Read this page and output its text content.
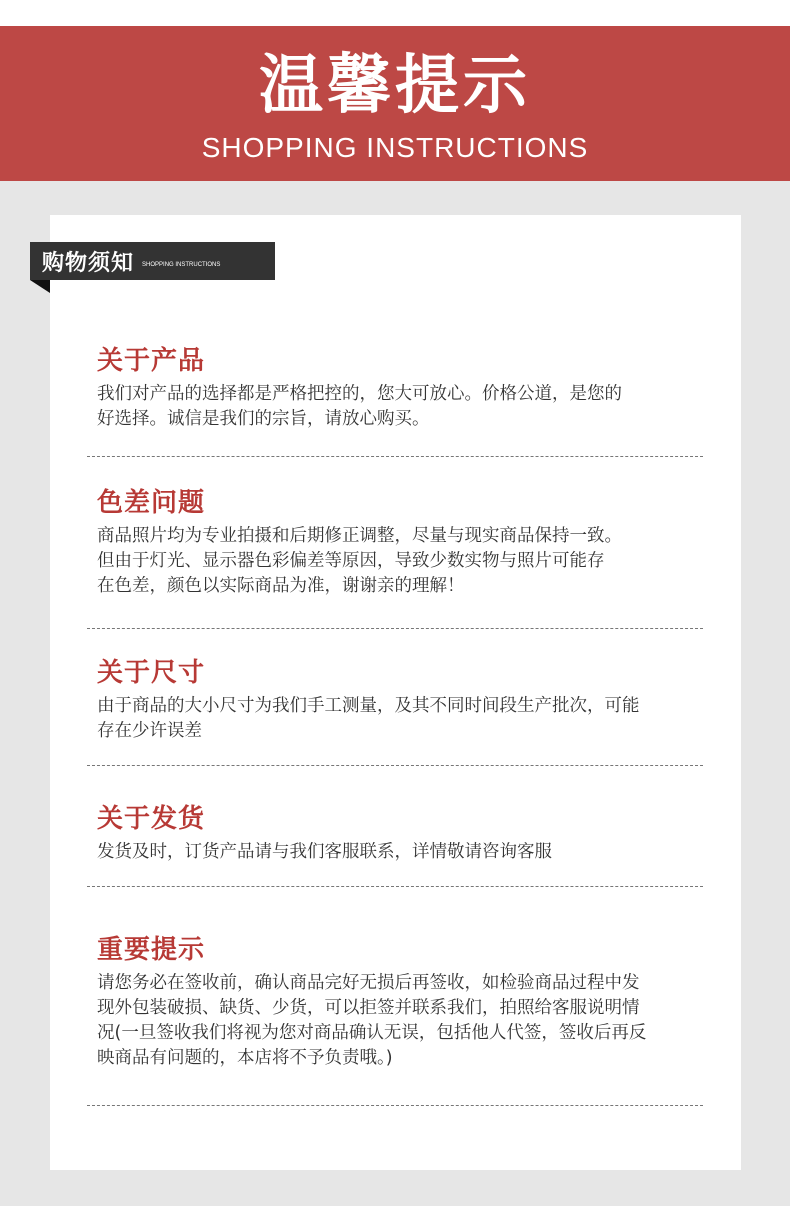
温馨提示
SHOPPING INSTRUCTIONS
购物须知 SHOPPING INSTRUCTIONS
关于产品
我们对产品的选择都是严格把控的，您大可放心。价格公道，是您的
好选择。诚信是我们的宗旨，请放心购买。
色差问题
商品照片均为专业拍摄和后期修正调整，尽量与现实商品保持一致。
但由于灯光、显示器色彩偏差等原因，导致少数实物与照片可能存
在色差，颜色以实际商品为准，谢谢亲的理解！
关于尺寸
由于商品的大小尺寸为我们手工测量，及其不同时间段生产批次，可能
存在少许误差
关于发货
发货及时，订货产品请与我们客服联系，详情敬请咨询客服
重要提示
请您务必在签收前，确认商品完好无损后再签收，如检验商品过程中发
现外包装破损、缺货、少货，可以拒签并联系我们，拍照给客服说明情
况(一旦签收我们将视为您对商品确认无误，包括他人代签，签收后再反
映商品有问题的，本店将不予负责哦。)
